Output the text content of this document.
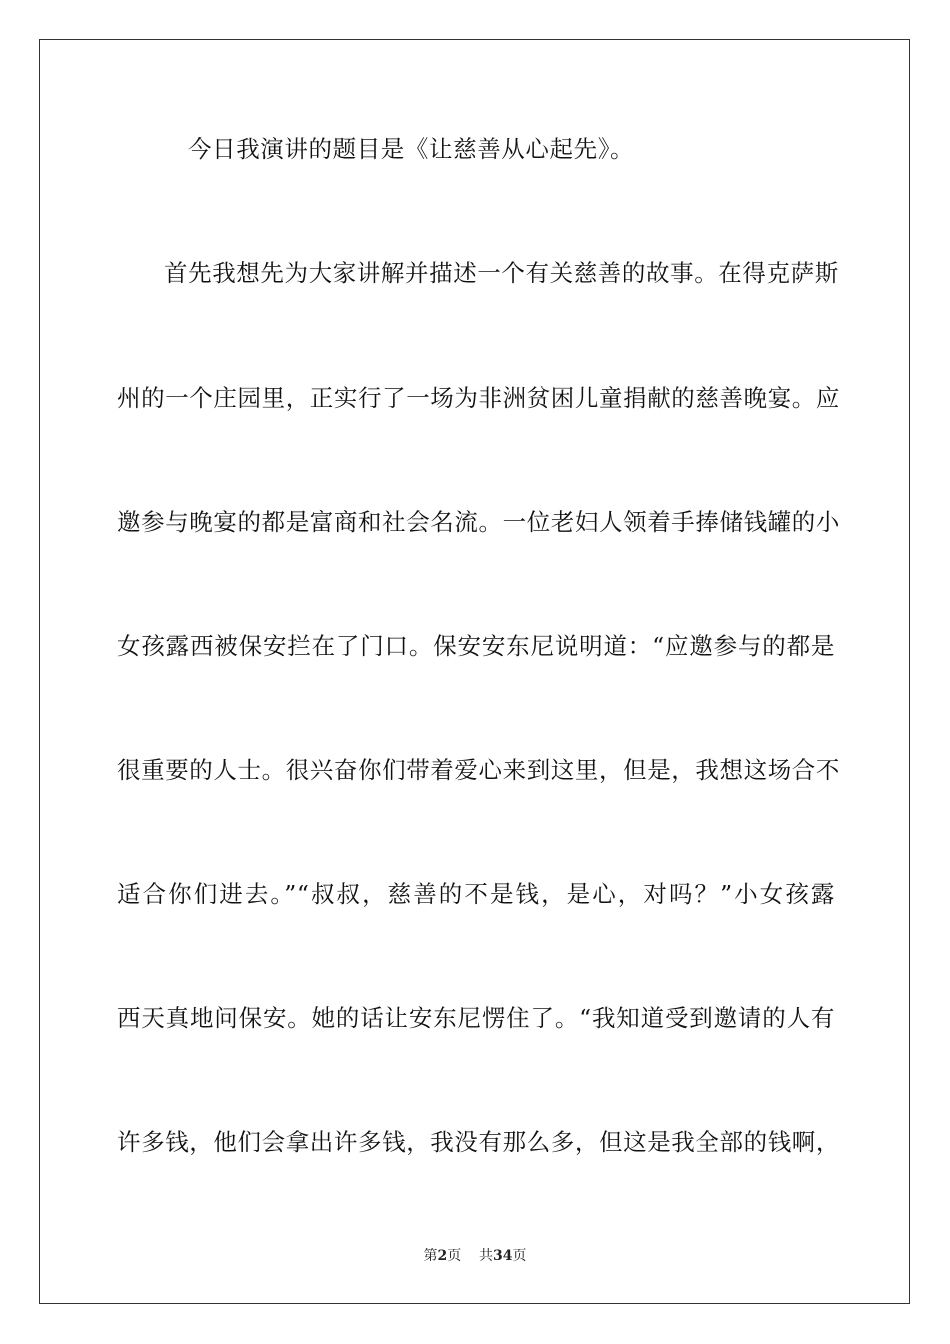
今日我演讲的题目是《让慈善从心起先》。
首先我想先为大家讲解并描述一个有关慈善的故事。在得克萨斯
州的一个庄园里，正实行了一场为非洲贫困儿童捐献的慈善晚宴。应
邀参与晚宴的都是富商和社会名流。一位老妇人领着手捧储钱罐的小
女孩露西被保安拦在了门口。保安安东尼说明道：“应邀参与的都是
很重要的人士。很兴奋你们带着爱心来到这里，但是，我想这场合不
适合你们进去。”“叔叔，慈善的不是钱，是心，对吗？”小女孩露
西天真地问保安。她的话让安东尼愣住了。“我知道受到邀请的人有
许多钱，他们会拿出许多钱，我没有那么多，但这是我全部的钱啊，
第2页 共34页
